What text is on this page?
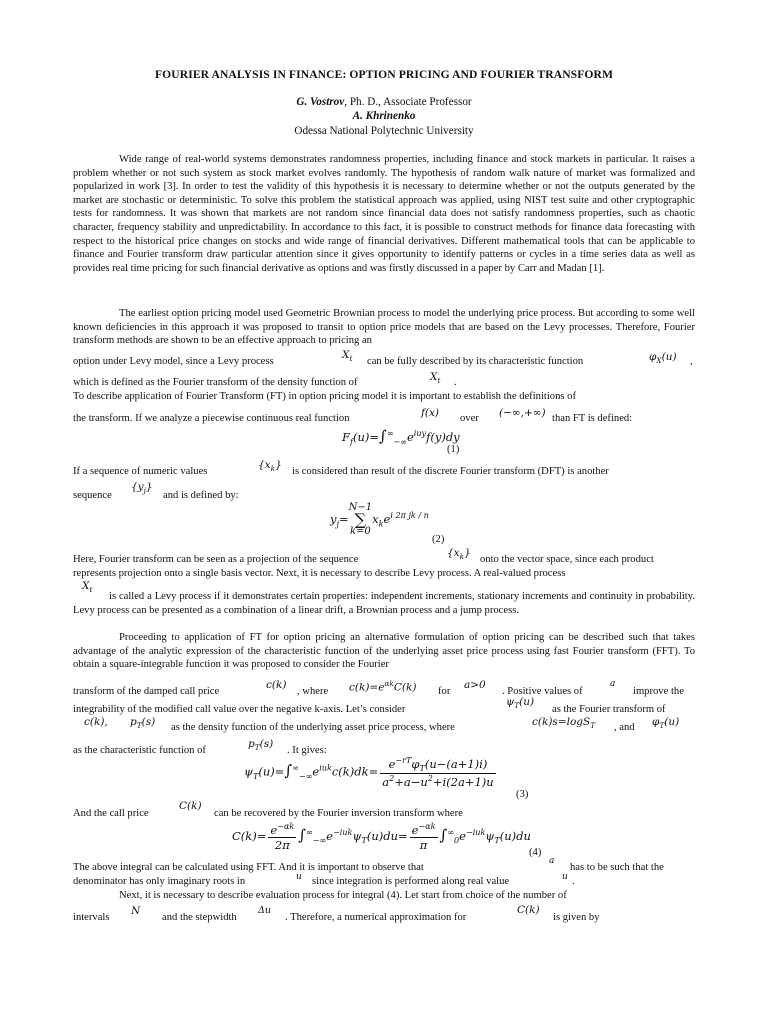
FOURIER ANALYSIS IN FINANCE: OPTION PRICING AND FOURIER TRANSFORM
G. Vostrov, Ph. D., Associate Professor
A. Khrinenko
Odessa National Polytechnic University

Wide range of real-world systems demonstrates randomness properties, including finance and stock markets in particular. It raises a problem whether or not such system as stock market evolves randomly. The hypothesis of random walk nature of market was formalized and popularized in work [3]. In order to test the validity of this hypothesis it is necessary to determine whether or not the outputs generated by the market are stochastic or deterministic. To solve this problem the statistical approach was applied, using NIST test suite and other cryptographic tests for randomness. It was shown that markets are not random since financial data does not satisfy randomness properties, such as chaotic character, frequency stability and unpredictability. In accordance to this fact, it is possible to construct methods for finance data forecasting with respect to the historical price changes on stocks and wide range of financial derivatives. Different mathematical tools that can be applicable to finance and Fourier transform draw particular attention since it gives opportunity to identify patterns or cycles in a time series data as well as provides real time pricing for such financial derivative as options and was firstly discussed in a paper by Carr and Madan [1].

The earliest option pricing model used Geometric Brownian process to model the underlying price process. But according to some well known deficiencies in this approach it was proposed to transit to option price models that are based on the Levy processes. Therefore, Fourier transform methods are shown to be an effective approach to pricing an

option under Levy model, since a Levy process
$X_t$ can be fully described by its characteristic function	$\varphi_X(u)$ ,
which is defined as the Fourier transform of the density function of	$X_t$ .
To describe application of Fourier Transform (FT) in option pricing model it is important to establish the definitions of
the transform. If we analyze a piecewise continuous real function	f(x) over (−∞,+∞) than FT is defined:
$F_f(u)=\int^\infty_{-\infty}e^{iuy}f(y)dy$
(1)
If a sequence of numeric values
$\{x_k\}$
is considered than result of the discrete Fourier transform (DFT) is another
sequence
$\{y_j\}$
and is defined by:
$y_j=$
N−1
∑
k=0
$x_ke^{i 2\pi jk / n}$
(2)
Here, Fourier transform can be seen as a projection of the sequence
$\{x_k\}$
onto the vector space, since each product
represents projection onto a single basis vector. Next, it is necessary to describe Levy process. A real-valued process
$X_t$
is called a Levy process if it demonstrates certain properties: independent increments, stationary increments and continuity in probability. Levy process can be presented as a combination of a linear drift, a Brownian process and a jump process.

Proceeding to application of FT for option pricing an alternative formulation of option pricing can be described such that takes advantage of the analytic expression of the characteristic function of the underlying asset price process using fast Fourier transform (FFT). To obtain a square-integrable function it was proposed to consider the Fourier

transform of the damped call price
c(k)
, where $c(k)=e^{\alpha k}C(k)$ for
a>0
. Positive values of
a
improve the
integrability of the modified call value over the negative k-axis. Let’s consider
$\psi_T(u)$
as the Fourier transform of
c(k), $p_T(s)$ as the density function of the underlying asset price process, where	c(k)s=logS$_T$ , and $\varphi_T(u)$
as the characteristic function of
$p_T(s)$
. It gives:
$\psi_T(u)=\int^\infty_{-\infty}e^{iuk}c(k)dk= \frac{e^{-rT}\varphi_T(u-(a+1)i)}{a^2+a-u^2+i(2a+1)u}$
(3)
And the call price
C(k)
can be recovered by the Fourier inversion transform where
$C(k)= \frac{e^{-\alpha k}}{2\pi} \int^\infty_{-\infty}e^{-iuk}\psi_T(u)du= \frac{e^{-\alpha k}}{\pi} \int^\infty_0e^{-iuk}\psi_T(u)du$
(4)
The above integral can be calculated using FFT. And it is important to observe that
a
has to be such that the
denominator has only imaginary roots in	u since integration is performed along real value	u .
Next, it is necessary to describe evaluation process for integral (4). Let start from choice of the number of
intervals
N
and the stepwidth
Δu
. Therefore, a numerical approximation for
C(k)
is given by
